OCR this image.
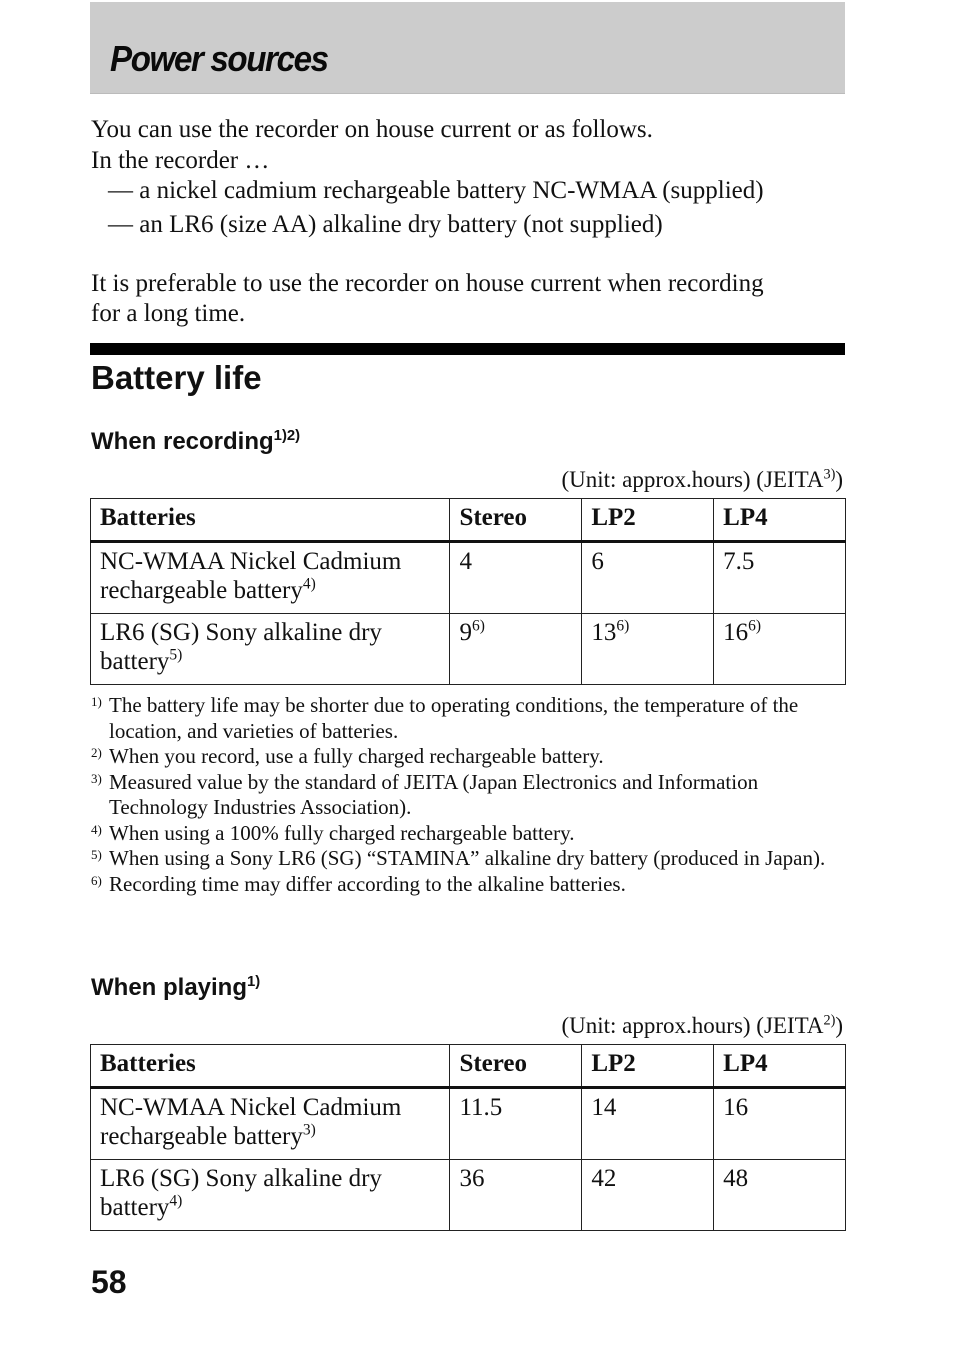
Power sources

You can use the recorder on house current or as follows.

In the recorder …

— a nickel cadmium rechargeable battery NC-WMAA (supplied)

— an LR6 (size AA) alkaline dry battery (not supplied)

It is preferable to use the recorder on house current when recording

for a long time.

Battery life
When recording$^{1)2)}$
(Unit: approx.hours) (JEITA$^{3)}$)
Batteries	Stereo	LP2	LP4
NC-WMAA Nickel Cadmium
rechargeable battery$^{4)}$	4	6	7.5
LR6 (SG) Sony alkaline dry
battery$^{5)}$	9$^{6)}$	13$^{6)}$	16$^{6)}$

1) The battery life may be shorter due to operating conditions, the temperature of the location, and varieties of batteries.

2) When you record, use a fully charged rechargeable battery.

3) Measured value by the standard of JEITA (Japan Electronics and Information Technology Industries Association).

4) When using a 100% fully charged rechargeable battery.

5) When using a Sony LR6 (SG) “STAMINA” alkaline dry battery (produced in Japan).

6) Recording time may differ according to the alkaline batteries.

When playing$^{1)}$
(Unit: approx.hours) (JEITA$^{2)}$)
Batteries	Stereo	LP2	LP4
NC-WMAA Nickel Cadmium
rechargeable battery$^{3)}$	11.5	14	16
LR6 (SG) Sony alkaline dry
battery$^{4)}$	36	42	48

58
